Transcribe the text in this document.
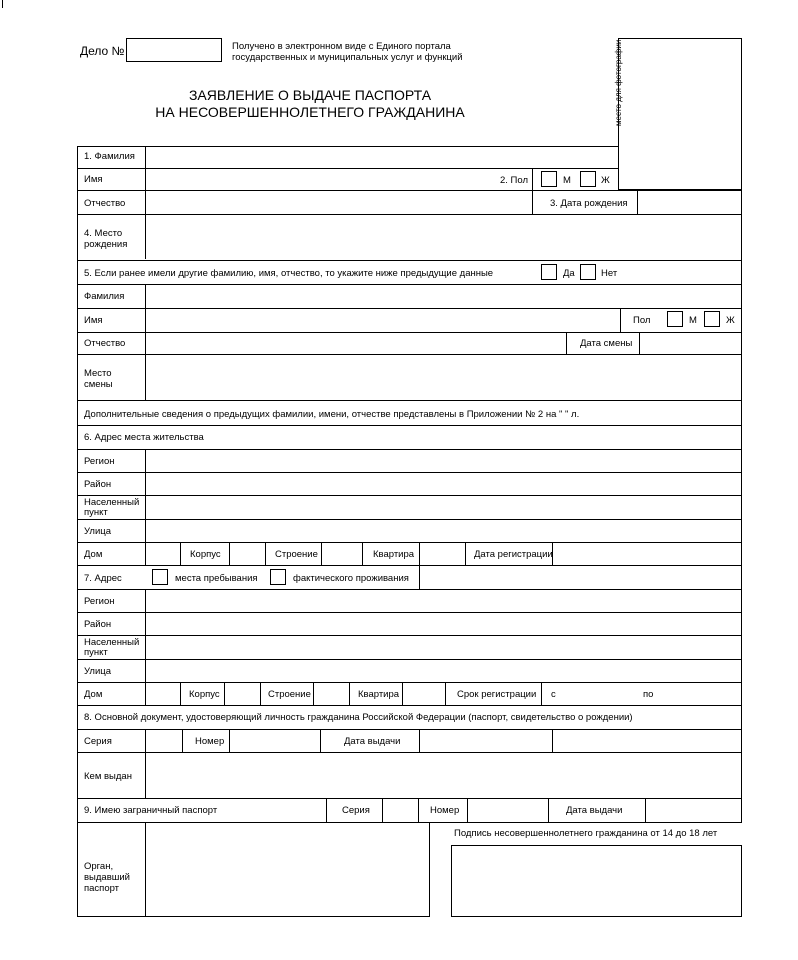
Дело №	Получено в электронном виде с Единого портала
государственных и муниципальных услуг и функций
ЗАЯВЛЕНИЕ О ВЫДАЧЕ ПАСПОРТА
НА НЕСОВЕРШЕННОЛЕТНЕГО ГРАЖДАНИНА	место для фотографии
1. Фамилия
Имя	2. Пол	М	Ж
Отчество	3. Дата рождения
4. Место
рождения
5. Если ранее имели другие фамилию, имя, отчество, то укажите ниже предыдущие данные	Да	Нет
Фамилия
Имя	Пол	М	Ж
Отчество	Дата смены
Место
смены
Дополнительные сведения о предыдущих фамилии, имени, отчестве представлены в Приложении № 2 на " " л.
6. Адрес места жительства
Регион
Район
Населенный
пункт
Улица
Дом	Корпус	Строение	Квартира	Дата регистрации
7. Адрес	места пребывания	фактического проживания
Регион
Район
Населенный
пункт
Улица
Дом	Корпус	Строение	Квартира	Срок регистрации с	по
8. Основной документ, удостоверяющий личность гражданина Российской Федерации (паспорт, свидетельство о рождении)
Серия	Номер	Дата выдачи
Кем выдан
9. Имею заграничный паспорт	Серия	Номер	Дата выдачи
Орган,
выдавший
паспорт
Подпись несовершеннолетнего гражданина от 14 до 18 лет
